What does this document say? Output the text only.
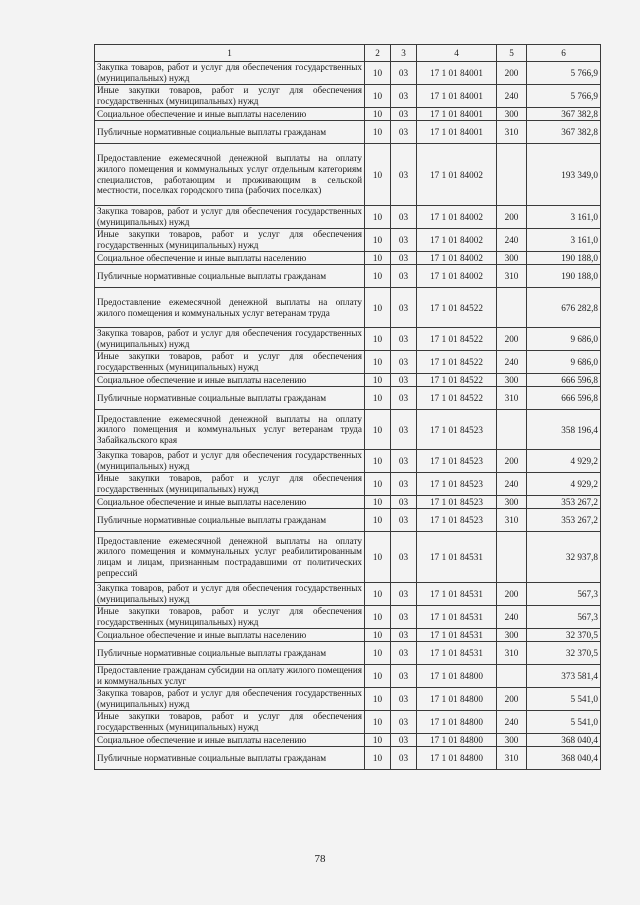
1	2	3	4	5	6
Закупка товаров, работ и услуг для обеспечения государственных (муниципальных) нужд	10	03	17 1 01 84001	200	5 766,9
Иные закупки товаров, работ и услуг для обеспечения государственных (муниципальных) нужд	10	03	17 1 01 84001	240	5 766,9
Социальное обеспечение и иные выплаты населению	10	03	17 1 01 84001	300	367 382,8
Публичные нормативные социальные выплаты гражданам	10	03	17 1 01 84001	310	367 382,8
Предоставление ежемесячной денежной выплаты на оплату жилого помещения и коммунальных услуг отдельным категориям специалистов, работающим и проживающим в сельской местности, поселках городского типа (рабочих поселках)	10	03	17 1 01 84002		193 349,0
Закупка товаров, работ и услуг для обеспечения государственных (муниципальных) нужд	10	03	17 1 01 84002	200	3 161,0
Иные закупки товаров, работ и услуг для обеспечения государственных (муниципальных) нужд	10	03	17 1 01 84002	240	3 161,0
Социальное обеспечение и иные выплаты населению	10	03	17 1 01 84002	300	190 188,0
Публичные нормативные социальные выплаты гражданам	10	03	17 1 01 84002	310	190 188,0
Предоставление ежемесячной денежной выплаты на оплату жилого помещения и коммунальных услуг ветеранам труда	10	03	17 1 01 84522		676 282,8
Закупка товаров, работ и услуг для обеспечения государственных (муниципальных) нужд	10	03	17 1 01 84522	200	9 686,0
Иные закупки товаров, работ и услуг для обеспечения государственных (муниципальных) нужд	10	03	17 1 01 84522	240	9 686,0
Социальное обеспечение и иные выплаты населению	10	03	17 1 01 84522	300	666 596,8
Публичные нормативные социальные выплаты гражданам	10	03	17 1 01 84522	310	666 596,8
Предоставление ежемесячной денежной выплаты на оплату жилого помещения и коммунальных услуг ветеранам труда Забайкальского края	10	03	17 1 01 84523		358 196,4
Закупка товаров, работ и услуг для обеспечения государственных (муниципальных) нужд	10	03	17 1 01 84523	200	4 929,2
Иные закупки товаров, работ и услуг для обеспечения государственных (муниципальных) нужд	10	03	17 1 01 84523	240	4 929,2
Социальное обеспечение и иные выплаты населению	10	03	17 1 01 84523	300	353 267,2
Публичные нормативные социальные выплаты гражданам	10	03	17 1 01 84523	310	353 267,2
Предоставление ежемесячной денежной выплаты на оплату жилого помещения и коммунальных услуг реабилитированным лицам и лицам, признанным пострадавшими от политических репрессий	10	03	17 1 01 84531		32 937,8
Закупка товаров, работ и услуг для обеспечения государственных (муниципальных) нужд	10	03	17 1 01 84531	200	567,3
Иные закупки товаров, работ и услуг для обеспечения государственных (муниципальных) нужд	10	03	17 1 01 84531	240	567,3
Социальное обеспечение и иные выплаты населению	10	03	17 1 01 84531	300	32 370,5
Публичные нормативные социальные выплаты гражданам	10	03	17 1 01 84531	310	32 370,5
Предоставление гражданам субсидии на оплату жилого помещения и коммунальных услуг	10	03	17 1 01 84800		373 581,4
Закупка товаров, работ и услуг для обеспечения государственных (муниципальных) нужд	10	03	17 1 01 84800	200	5 541,0
Иные закупки товаров, работ и услуг для обеспечения государственных (муниципальных) нужд	10	03	17 1 01 84800	240	5 541,0
Социальное обеспечение и иные выплаты населению	10	03	17 1 01 84800	300	368 040,4
Публичные нормативные социальные выплаты гражданам	10	03	17 1 01 84800	310	368 040,4
78
